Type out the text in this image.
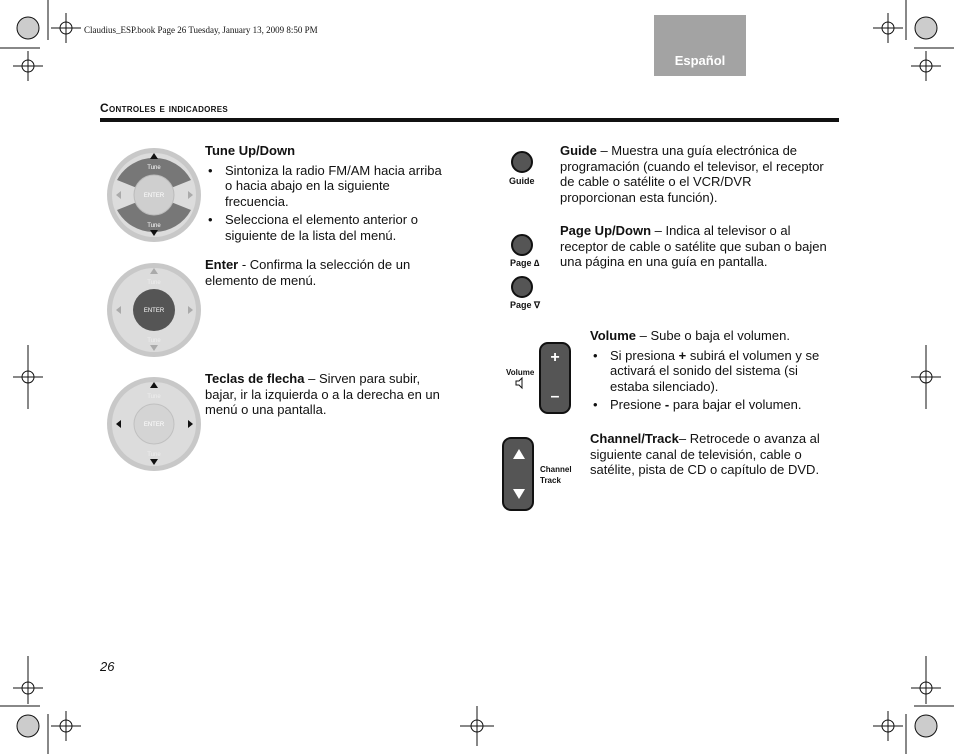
Claudius_ESP.book Page 26 Tuesday, January 13, 2009 8:50 PM
Español
Controles e indicadores
Tune
Tune
ENTER
Tune Up/Down
• Sintoniza la radio FM/AM hacia arriba o hacia abajo en la siguiente frecuencia.
• Selecciona el elemento anterior o siguiente de la lista del menú.
Tune
Tune
ENTER
Enter - Confirma la selección de un elemento de menú.
Tune
Tune
ENTER
Teclas de flecha – Sirven para subir, bajar, ir la izquierda o a la derecha en un menú o una pantalla.
Guide
Guide – Muestra una guía electrónica de programación (cuando el televisor, el receptor de cable o satélite o el VCR/DVR proporcionan esta función).
Page ∆
Page ∇
Page Up/Down – Indica al televisor o al receptor de cable o satélite que suban o bajen una página en una guía en pantalla.
Volume
+
–
Volume – Sube o baja el volumen.
• Si presiona + subirá el volumen y se activará el sonido del sistema (si estaba silenciado).
• Presione - para bajar el volumen.
Channel
Track
Channel/Track– Retrocede o avanza al siguiente canal de televisión, cable o satélite, pista de CD o capítulo de DVD.
26
